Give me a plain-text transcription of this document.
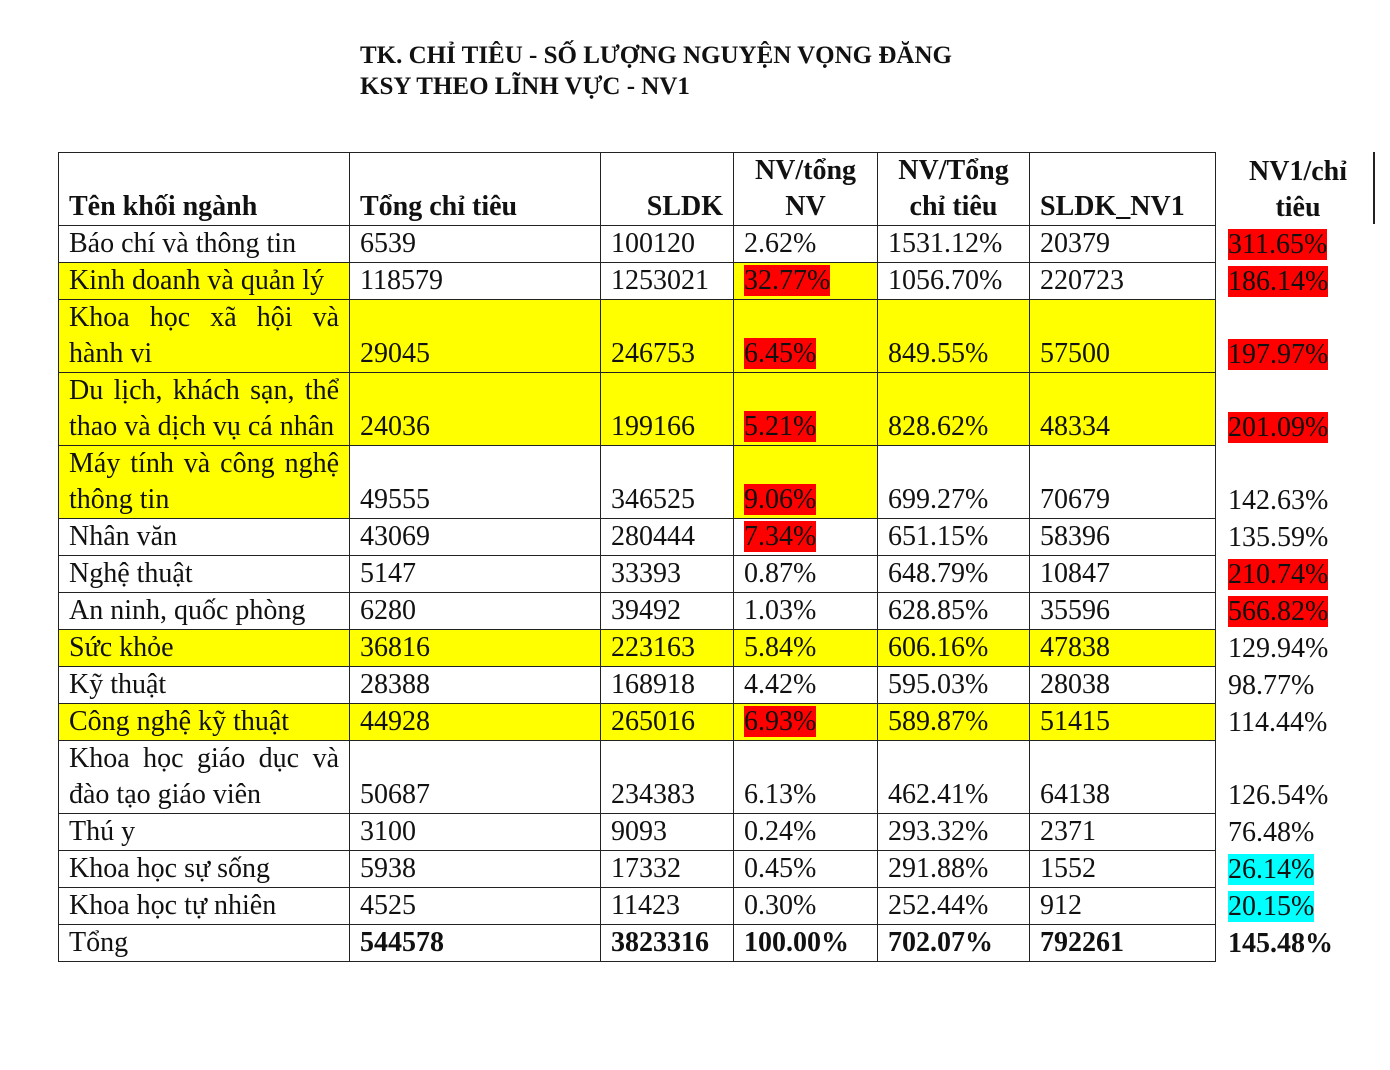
TK. CHỈ TIÊU - SỐ LƯỢNG NGUYỆN VỌNG ĐĂNG
KSY THEO LĨNH VỰC - NV1
Tên khối ngành	Tổng chỉ tiêu	SLDK	NV/tổng NV	NV/Tổng chỉ tiêu	SLDK_NV1	NV1/chỉ tiêu
Báo chí và thông tin	6539	100120	2.62%	1531.12%	20379	311.65%
Kinh doanh và quản lý	118579	1253021	32.77%	1056.70%	220723	186.14%
Khoa học xã hội và hành vi	29045	246753	6.45%	849.55%	57500	197.97%
Du lịch, khách sạn, thể thao và dịch vụ cá nhân	24036	199166	5.21%	828.62%	48334	201.09%
Máy tính và công nghệ thông tin	49555	346525	9.06%	699.27%	70679	142.63%
Nhân văn	43069	280444	7.34%	651.15%	58396	135.59%
Nghệ thuật	5147	33393	0.87%	648.79%	10847	210.74%
An ninh, quốc phòng	6280	39492	1.03%	628.85%	35596	566.82%
Sức khỏe	36816	223163	5.84%	606.16%	47838	129.94%
Kỹ thuật	28388	168918	4.42%	595.03%	28038	98.77%
Công nghệ kỹ thuật	44928	265016	6.93%	589.87%	51415	114.44%
Khoa học giáo dục và đào tạo giáo viên	50687	234383	6.13%	462.41%	64138	126.54%
Thú y	3100	9093	0.24%	293.32%	2371	76.48%
Khoa học sự sống	5938	17332	0.45%	291.88%	1552	26.14%
Khoa học tự nhiên	4525	11423	0.30%	252.44%	912	20.15%
Tổng	544578	3823316	100.00%	702.07%	792261	145.48%
